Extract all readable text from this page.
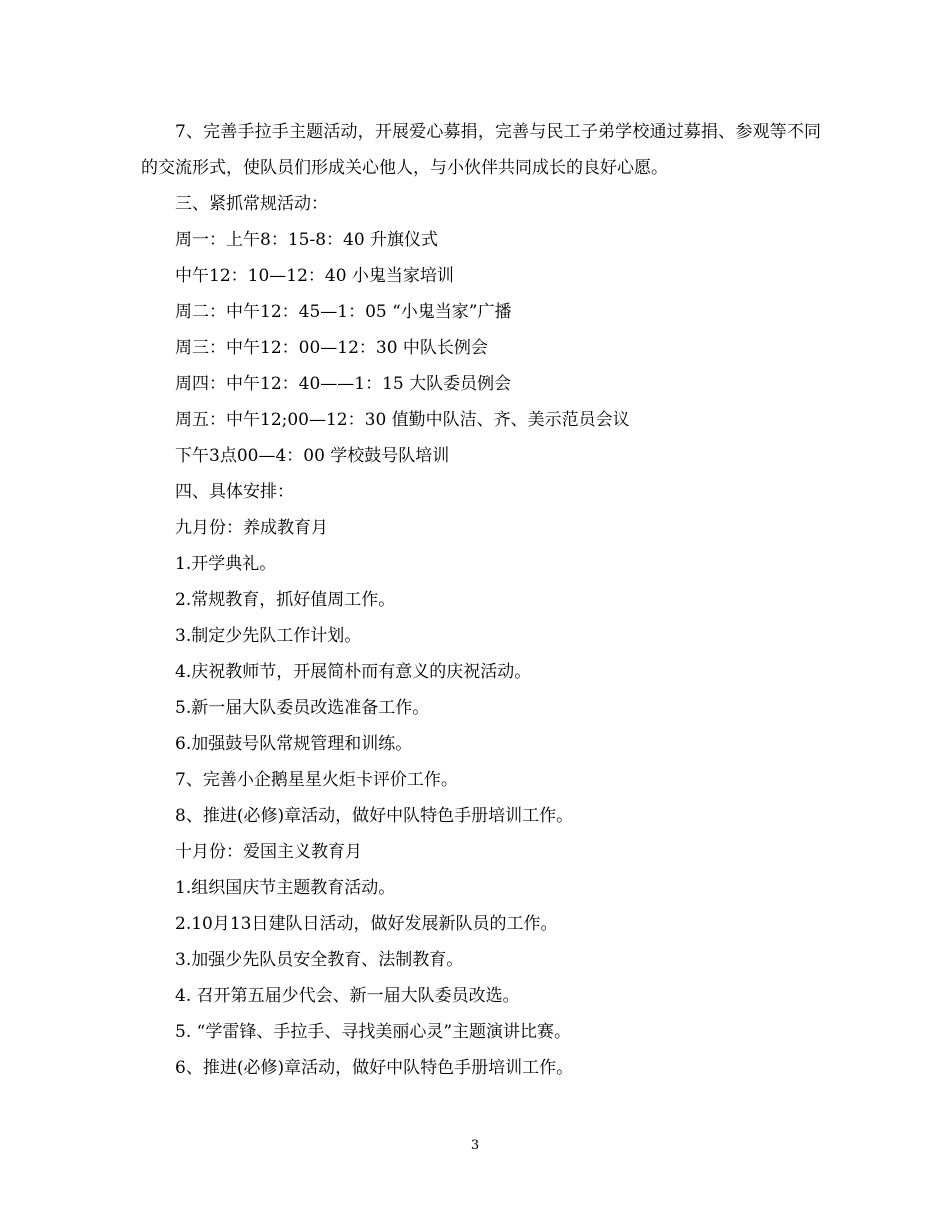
7、完善手拉手主题活动，开展爱心募捐，完善与民工子弟学校通过募捐、参观等不同的交流形式，使队员们形成关心他人，与小伙伴共同成长的良好心愿。

三、紧抓常规活动：

周一：上午8：15-8：40 升旗仪式

中午12：10—12：40 小鬼当家培训

周二：中午12：45—1：05 “小鬼当家”广播

周三：中午12：00—12：30 中队长例会

周四：中午12：40——1：15 大队委员例会

周五：中午12;00—12：30 值勤中队洁、齐、美示范员会议

下午3点00—4：00 学校鼓号队培训

四、具体安排：

九月份：养成教育月

1.开学典礼。

2.常规教育，抓好值周工作。

3.制定少先队工作计划。

4.庆祝教师节，开展简朴而有意义的庆祝活动。

5.新一届大队委员改选准备工作。

6.加强鼓号队常规管理和训练。

7、完善小企鹅星星火炬卡评价工作。

8、推进(必修)章活动，做好中队特色手册培训工作。

十月份：爱国主义教育月

1.组织国庆节主题教育活动。

2.10月13日建队日活动，做好发展新队员的工作。

3.加强少先队员安全教育、法制教育。

4. 召开第五届少代会、新一届大队委员改选。

5. “学雷锋、手拉手、寻找美丽心灵”主题演讲比赛。

6、推进(必修)章活动，做好中队特色手册培训工作。

3
